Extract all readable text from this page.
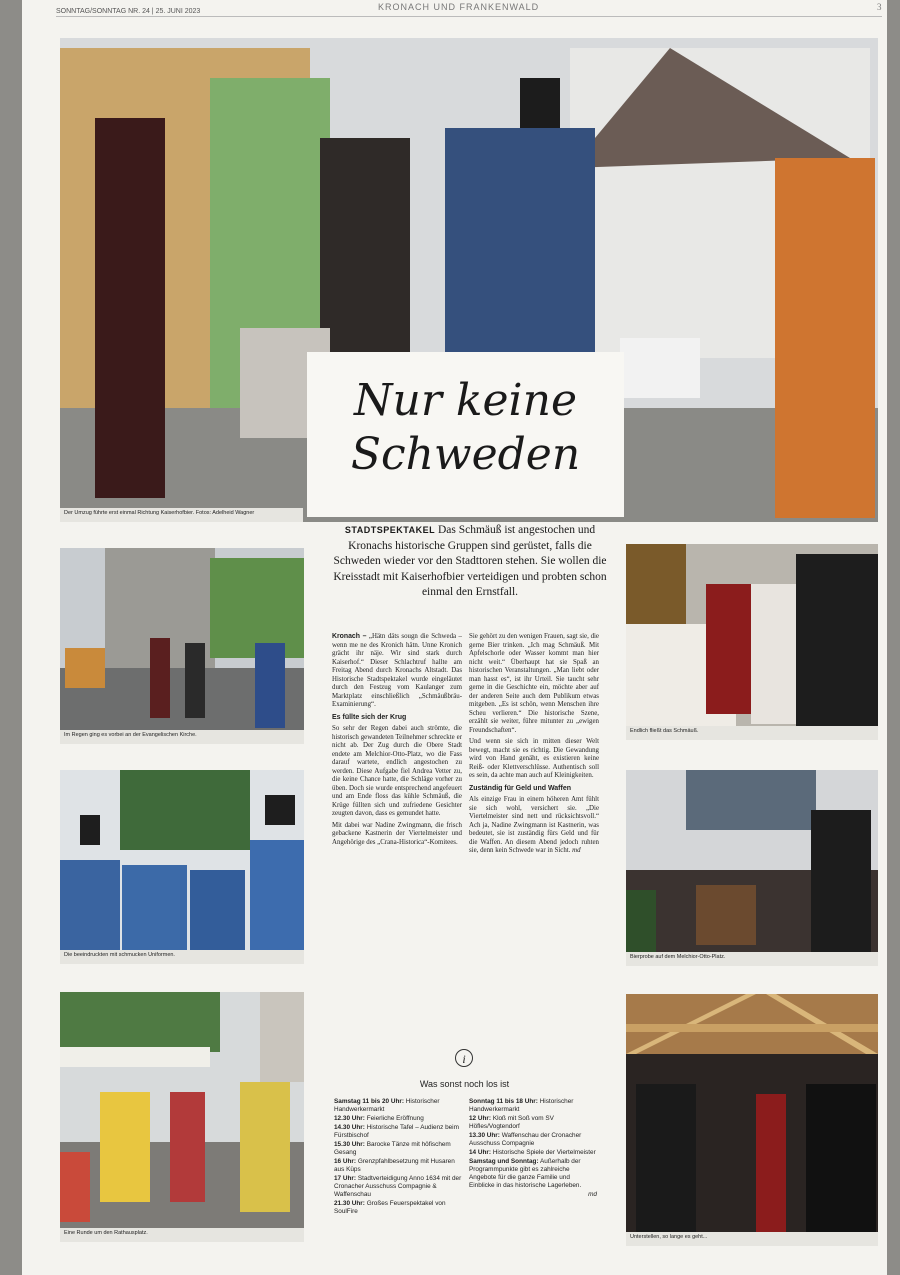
SONNTAG/SONNTAG NR. 24 | 25. JUNI 2023	KRONACH UND FRANKENWALD	3
Der Umzug führte erst einmal Richtung Kaiserhofbier. Fotos: Adelheid Wagner
Nur keine
Schweden
STADTSPEKTAKEL Das Schmäuß ist angestochen und Kronachs historische Gruppen sind gerüstet, falls die Schweden wieder vor den Stadttoren stehen. Sie wollen die Kreisstadt mit Kaiserhofbier verteidigen und probten schon einmal den Ernstfall.

Kronach – „Hätn däts sougn die Schweda – wenn me ne des Kronich hätn. Unne Kronich grächt ihr näje. Wir sind stark durch Kaiserhof.“ Dieser Schlachtruf hallte am Freitag Abend durch Kronachs Altstadt. Das Historische Stadtspektakel wurde eingeläutet durch den Festzug vom Kaulanger zum Marktplatz einschließlich „Schmäußbräu-Examinierung“.

Es füllte sich der Krug

So sehr der Regen dabei auch strömte, die historisch gewandeten Teilnehmer schreckte er nicht ab. Der Zug durch die Obere Stadt endete am Melchior-Otto-Platz, wo die Fass darauf wartete, endlich angestochen zu werden. Diese Aufgabe fiel Andrea Vetter zu, die keine Chance hatte, die Schläge vorher zu üben. Doch sie wurde entsprechend angefeuert und am Ende floss das kühle Schmäuß, die Krüge füllten sich und zufriedene Gesichter zeugten davon, dass es gemundet hatte.

Mit dabei war Nadine Zwingmann, die frisch gebackene Kastnerin der Viertelmeister und Angehörige des „Crana-Historica“-Komitees.

Sie gehört zu den wenigen Frauen, sagt sie, die gerne Bier trinken. „Ich mag Schmäuß. Mit Apfelschorle oder Wasser kommt man hier nicht weit.“ Überhaupt hat sie Spaß an historischen Veranstaltungen. „Man liebt oder man hasst es“, ist ihr Urteil. Sie taucht sehr gerne in die Geschichte ein, möchte aber auf der anderen Seite auch dem Publikum etwas mitgeben. „Es ist schön, wenn Menschen ihre Scheu verlieren.“ Die historische Szene, erzählt sie weiter, führe mitunter zu „ewigen Freundschaften“.

Und wenn sie sich in mitten dieser Welt bewegt, macht sie es richtig. Die Gewandung wird von Hand genäht, es existieren keine Reiß- oder Klettverschlüsse. Authentisch soll es sein, da achte man auch auf Kleinigkeiten.

Zuständig für Geld und Waffen

Als einzige Frau in einem höheren Amt fühlt sie sich wohl, versichert sie. „Die Viertelmeister sind nett und rücksichtsvoll.“ Ach ja, Nadine Zwingmann ist Kastnerin, was bedeutet, sie ist zuständig fürs Geld und für die Waffen. An diesem Abend jedoch ruhten sie, denn kein Schwede war in Sicht. md

i
Was sonst noch los ist
Samstag 11 bis 20 Uhr: Historischer Handwerkermarkt
12.30 Uhr: Feierliche Eröffnung
14.30 Uhr: Historische Tafel – Audienz beim Fürstbischof
15.30 Uhr: Barocke Tänze mit höfischem Gesang
16 Uhr: Grenzpfahlbesetzung mit Husaren aus Küps
17 Uhr: Stadtverteidigung Anno 1634 mit der Cronacher Ausschuss Compagnie & Waffenschau
21.30 Uhr: Großes Feuerspektakel von SoulFire
Sonntag 11 bis 18 Uhr: Historischer Handwerkermarkt
12 Uhr: Kloß mit Soß vom SV Höfles/Vogtendorf
13.30 Uhr: Waffenschau der Cronacher Ausschuss Compagnie
14 Uhr: Historische Spiele der Viertelmeister
Samstag und Sonntag: Außerhalb der Programmpunkte gibt es zahlreiche Angebote für die ganze Familie und Einblicke in das historische Lagerleben.
md
Im Regen ging es vorbei an der Evangelischen Kirche.
Die beeindruckten mit schmucken Uniformen.
Eine Runde um den Rathausplatz.
Endlich fließt das Schmäuß.
Bierprobe auf dem Melchior-Otto-Platz.
Unterstellen, so lange es geht...
